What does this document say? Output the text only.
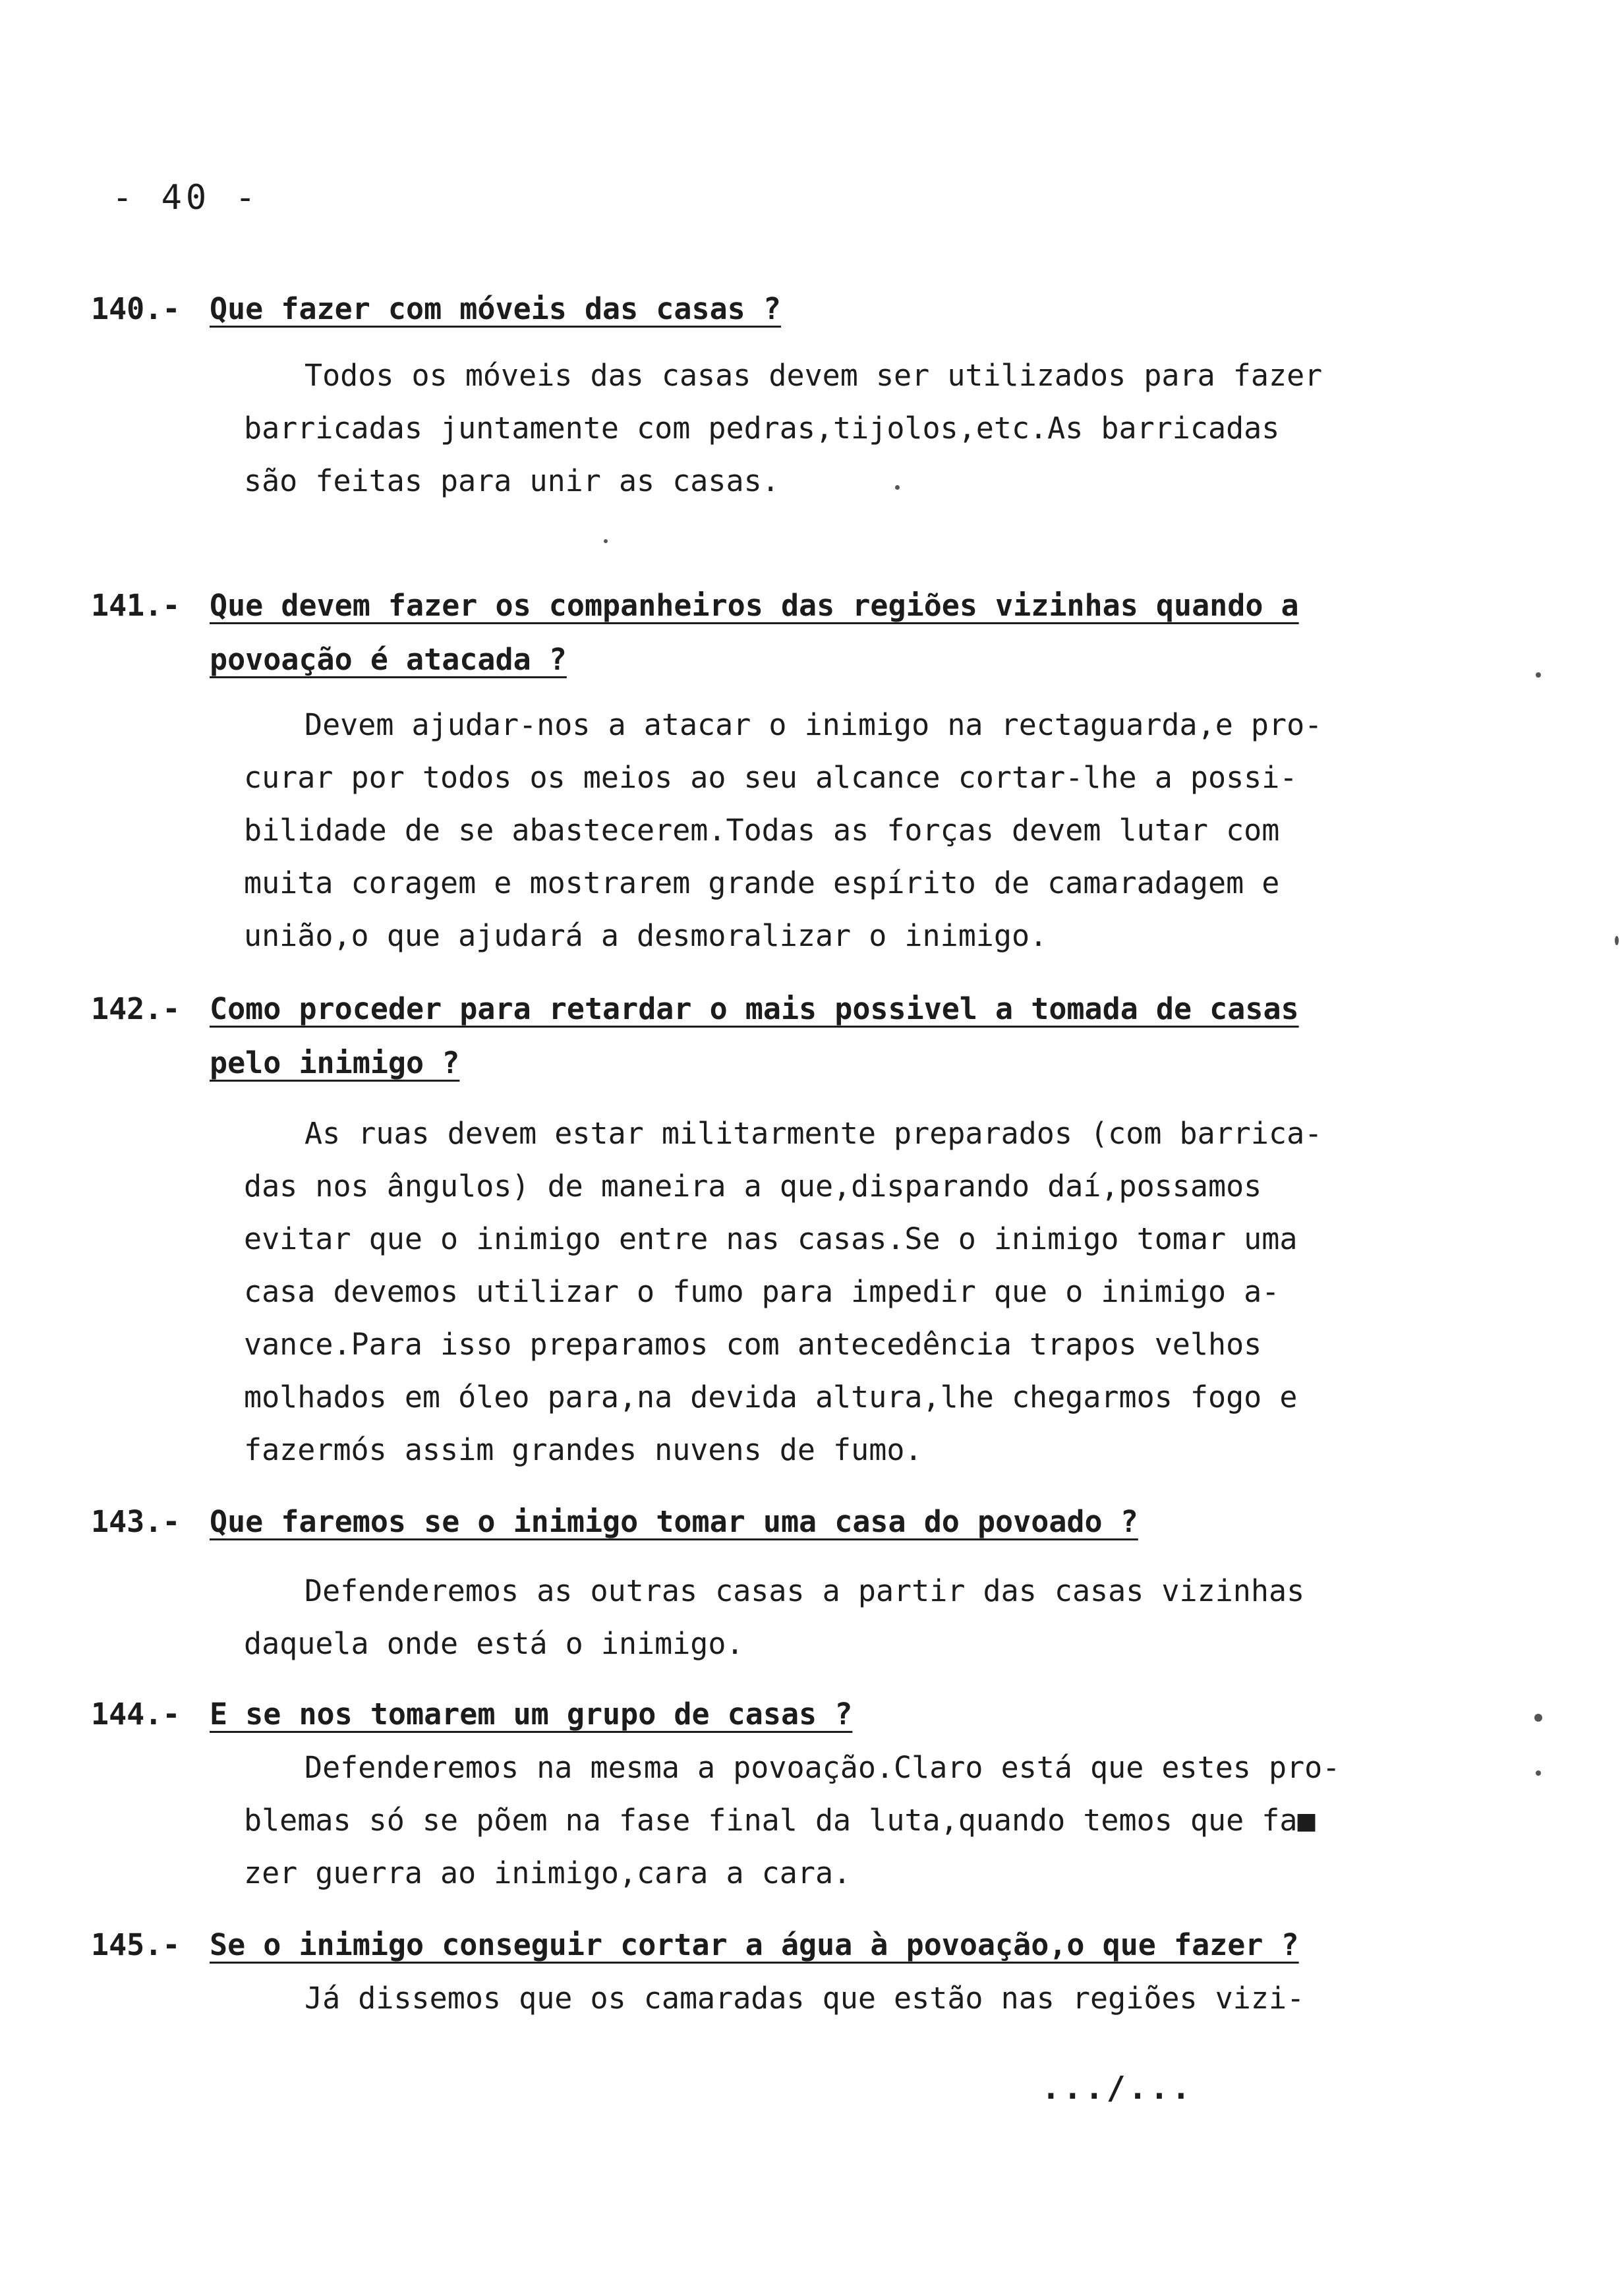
- 40 -
140.- Que fazer com móveis das casas ?
Todos os móveis das casas devem ser utilizados para fazer
barricadas juntamente com pedras,tijolos,etc.As barricadas
são feitas para unir as casas.
141.- Que devem fazer os companheiros das regiões vizinhas quando a
povoação é atacada ?
Devem ajudar-nos a atacar o inimigo na rectaguarda,e pro-
curar por todos os meios ao seu alcance cortar-lhe a possi-
bilidade de se abastecerem.Todas as forças devem lutar com
muita coragem e mostrarem grande espírito de camaradagem e
união,o que ajudará a desmoralizar o inimigo.
142.- Como proceder para retardar o mais possivel a tomada de casas
pelo inimigo ?
As ruas devem estar militarmente preparados (com barrica-
das nos ângulos) de maneira a que,disparando daí,possamos
evitar que o inimigo entre nas casas.Se o inimigo tomar uma
casa devemos utilizar o fumo para impedir que o inimigo a-
vance.Para isso preparamos com antecedência trapos velhos
molhados em óleo para,na devida altura,lhe chegarmos fogo e
fazermós assim grandes nuvens de fumo.
143.- Que faremos se o inimigo tomar uma casa do povoado ?
Defenderemos as outras casas a partir das casas vizinhas
daquela onde está o inimigo.
144.- E se nos tomarem um grupo de casas ?
Defenderemos na mesma a povoação.Claro está que estes pro-
blemas só se põem na fase final da luta,quando temos que fa■
zer guerra ao inimigo,cara a cara.
145.- Se o inimigo conseguir cortar a água à povoação,o que fazer ?
Já dissemos que os camaradas que estão nas regiões vizi-
.../...
